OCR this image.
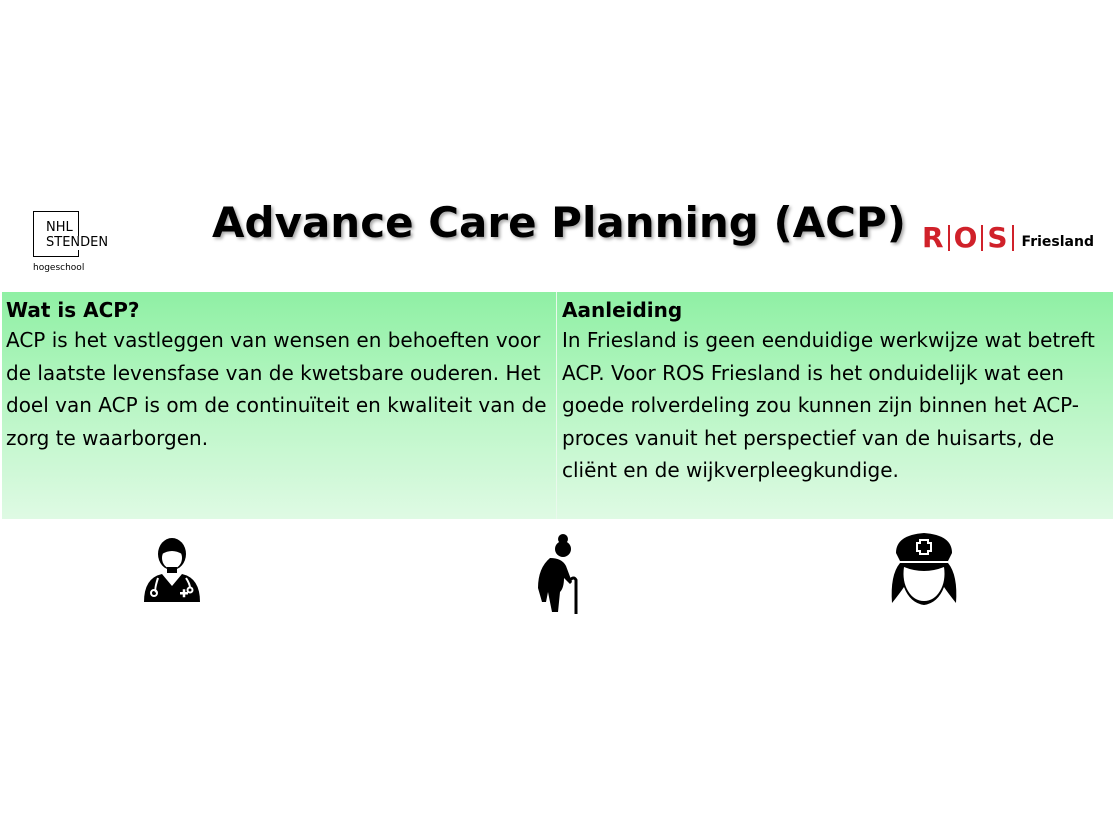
NHL
STENDEN
hogeschool
Advance Care Planning (ACP) R O S Friesland
Wat is ACP?

ACP is het vastleggen van wensen en behoeften voor de laatste levensfase van de kwetsbare ouderen. Het doel van ACP is om de continuïteit en kwaliteit van de zorg te waarborgen.

Aanleiding

In Friesland is geen eenduidige werkwijze wat betreft ACP. Voor ROS Friesland is het onduidelijk wat een goede rolverdeling zou kunnen zijn binnen het ACP-proces vanuit het perspectief van de huisarts, de cliënt en de wijkverpleegkundige.
